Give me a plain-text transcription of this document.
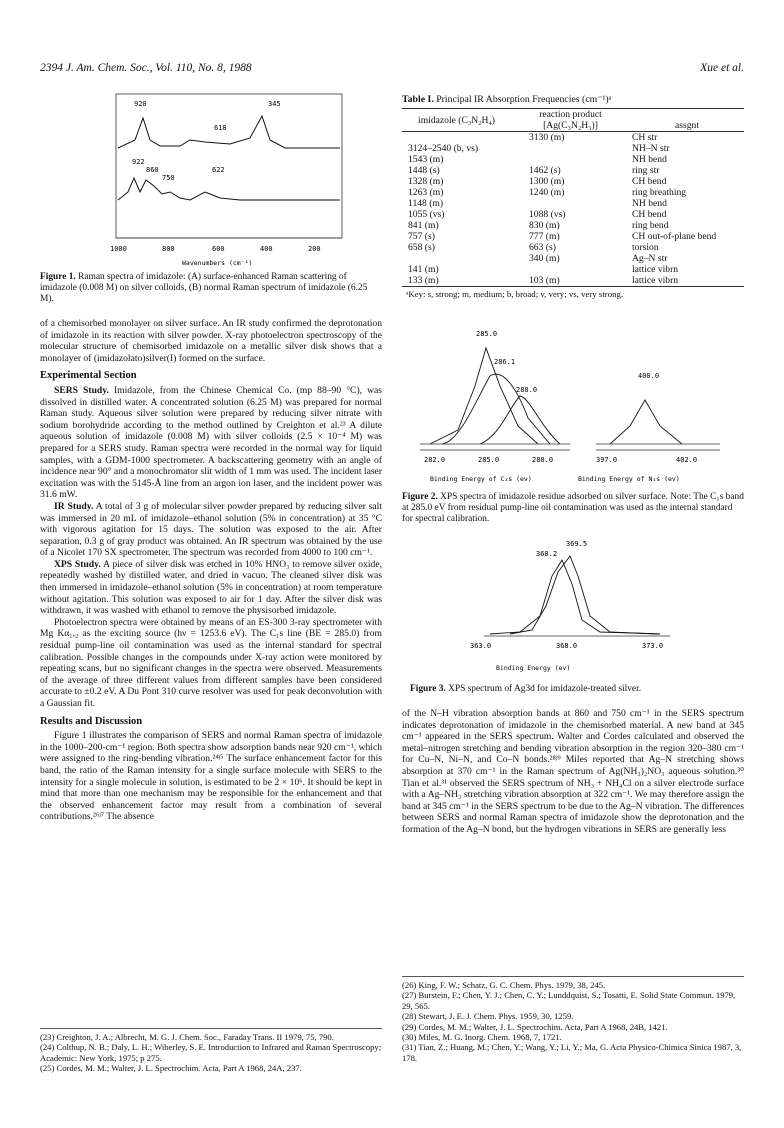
2394 J. Am. Chem. Soc., Vol. 110, No. 8, 1988	Xue et al.
920	345
618
922
860
750
622
1000	800	600	400	200
Wavenumbers (cm⁻¹)
Figure 1. Raman spectra of imidazole: (A) surface-enhanced Raman scattering of imidazole (0.008 M) on silver colloids, (B) normal Raman spectrum of imidazole (6.25 M).

of a chemisorbed monolayer on silver surface. An IR study confirmed the deprotonation of imidazole in its reaction with silver powder. X-ray photoelectron spectroscopy of the molecular structure of chemisorbed imidazole on a metallic silver disk shows that a monolayer of (imidazolato)silver(I) formed on the surface.

Experimental Section

SERS Study. Imidazole, from the Chinese Chemical Co. (mp 88–90 °C), was dissolved in distilled water. A concentrated solution (6.25 M) was prepared for normal Raman study. Aqueous silver solution were prepared by reducing silver nitrate with sodium borohydride according to the method outlined by Creighton et al.²³ A dilute aqueous solution of imidazole (0.008 M) with silver colloids (2.5 × 10⁻⁴ M) was prepared for a SERS study. Raman spectra were recorded in the normal way for liquid samples, with a GDM-1000 spectrometer. A backscattering geometry with an angle of incidence near 90° and a monochromator slit width of 1 mm was used. The incident laser excitation was with the 5145-Å line from an argon ion laser, and the incident power was 31.6 mW.

IR Study. A total of 3 g of molecular silver powder prepared by reducing silver salt was immersed in 20 mL of imidazole–ethanol solution (5% in concentration) at 35 °C with vigorous agitation for 15 days. The solution was exposed to the air. After separation, 0.3 g of gray product was obtained. An IR spectrum was obtained by the use of a Nicolet 170 SX spectrometer. The spectrum was recorded from 4000 to 100 cm⁻¹.

XPS Study. A piece of silver disk was etched in 10% HNO₃ to remove silver oxide, repeatedly washed by distilled water, and dried in vacuo. The cleaned silver disk was then immersed in imidazole–ethanol solution (5% in concentration) at room temperature without agitation. This solution was exposed to air for 1 day. After the silver disk was withdrawn, it was washed with ethanol to remove the physisorbed imidazole.

Photoelectron spectra were obtained by means of an ES-300 3-ray spectrometer with Mg Kα₁,₂ as the exciting source (hν = 1253.6 eV). The C₁s line (BE = 285.0) from residual pump-line oil contamination was used as the internal standard for spectral calibration. Possible changes in the compounds under X-ray action were monitored by repeating scans, but no significant changes in the spectra were observed. Measurements of the average of three different values from different samples have been considered accurate to ±0.2 eV. A Du Pont 310 curve resolver was used for peak deconvolution with a Gaussian fit.

Results and Discussion

Figure 1 illustrates the comparison of SERS and normal Raman spectra of imidazole in the 1000–200-cm⁻¹ region. Both spectra show adsorption bands near 920 cm⁻¹, which were assigned to the ring-bending vibration.²⁴ʲ⁵ The surface enhancement factor for this band, the ratio of the Raman intensity for a single surface molecule with SERS to the intensity for a single molecule in solution, is estimated to be 2 × 10⁶. It should be kept in mind that more than one mechanism may be responsible for the enhancement and that the observed enhancement factor may result from a combination of several contributions.²⁶ʲ⁷ The absence

(23) Creighton, J. A.; Albrecht, M. G. J. Chem. Soc., Faraday Trans. II 1979, 75, 790.
(24) Colthup, N. B.; Daly, L. H.; Wiberley, S. E. Introduction to Infrared and Raman Spectroscopy; Academic: New York, 1975; p 275.
(25) Cordes, M. M.; Walter, J. L. Spectrochim. Acta, Part A 1968, 24A, 237.
Table I. Principal IR Absorption Frequencies (cm⁻¹)ᵃ
imidazole (C₃N₂H₄)	reaction product [Ag(C₃N₂H₃)]	assgnt
	3130 (m)	CH str
3124–2540 (b, vs)		NH–N str
1543 (m)		NH bend
1448 (s)	1462 (s)	ring str
1328 (m)	1300 (m)	CH bend
1263 (m)	1240 (m)	ring breathing
1148 (m)		NH bend
1055 (vs)	1088 (vs)	CH bend
841 (m)	830 (m)	ring bend
757 (s)	777 (m)	CH out-of-plane bend
658 (s)	663 (s)	torsion
	340 (m)	Ag–N str
141 (m)		lattice vibrn
133 (m)	103 (m)	lattice vibrn
ᵃKey: s, strong; m, medium; b, broad; v, very; vs, very strong.
285.0
286.1
288.0
282.0	285.0	288.0
Binding Energy of C₁s (ev)
400.0
397.0	402.0
Binding Energy of N₁s (ev)
Figure 2. XPS spectra of imidazole residue adsorbed on silver surface. Note: The C₁s band at 285.0 eV from residual pump-line oil contamination was used as the internal standard for spectral calibration.
369.5
368.2
363.0	368.0	373.0
Binding Energy (ev)
Figure 3. XPS spectrum of Ag3d for imidazole-treated silver.

of the N–H vibration absorption bands at 860 and 750 cm⁻¹ in the SERS spectrum indicates deprotonation of imidazole in the chemisorbed material. A new band at 345 cm⁻¹ appeared in the SERS spectrum. Walter and Cordes calculated and observed the metal–nitrogen stretching and bending vibration absorption in the region 320–380 cm⁻¹ for Cu–N, Ni–N, and Co–N bonds.²⁸ʲ⁹ Miles reported that Ag–N stretching shows absorption at 370 cm⁻¹ in the Raman spectrum of Ag(NH₃)₂NO₃ aqueous solution.³⁰ Tian et al.³¹ observed the SERS spectrum of NH₃ + NH₄Cl on a silver electrode surface with a Ag–NH₃ stretching vibration absorption at 322 cm⁻¹. We may therefore assign the band at 345 cm⁻¹ in the SERS spectrum to be due to the Ag–N vibration. The differences between SERS and normal Raman spectra of imidazole show the deprotonation and the formation of the Ag–N bond, but the hydrogen vibrations in SERS are generally less

(26) King, F. W.; Schatz, G. C. Chem. Phys. 1979, 38, 245.
(27) Burstein, F.; Chen, Y. J.; Chen, C. Y.; Lunddquist, S.; Tosatti, E. Solid State Commun. 1979, 29, 565.
(28) Stewart, J. E. J. Chem. Phys. 1959, 30, 1259.
(29) Cordes, M. M.; Walter, J. L. Spectrochim. Acta, Part A 1968, 24B, 1421.
(30) Miles, M. G. Inorg. Chem. 1968, 7, 1721.
(31) Tian, Z.; Huang, M.; Chen, Y.; Wang, Y.; Li, Y.; Ma, G. Acta Physico-Chimica Sinica 1987, 3, 178.
